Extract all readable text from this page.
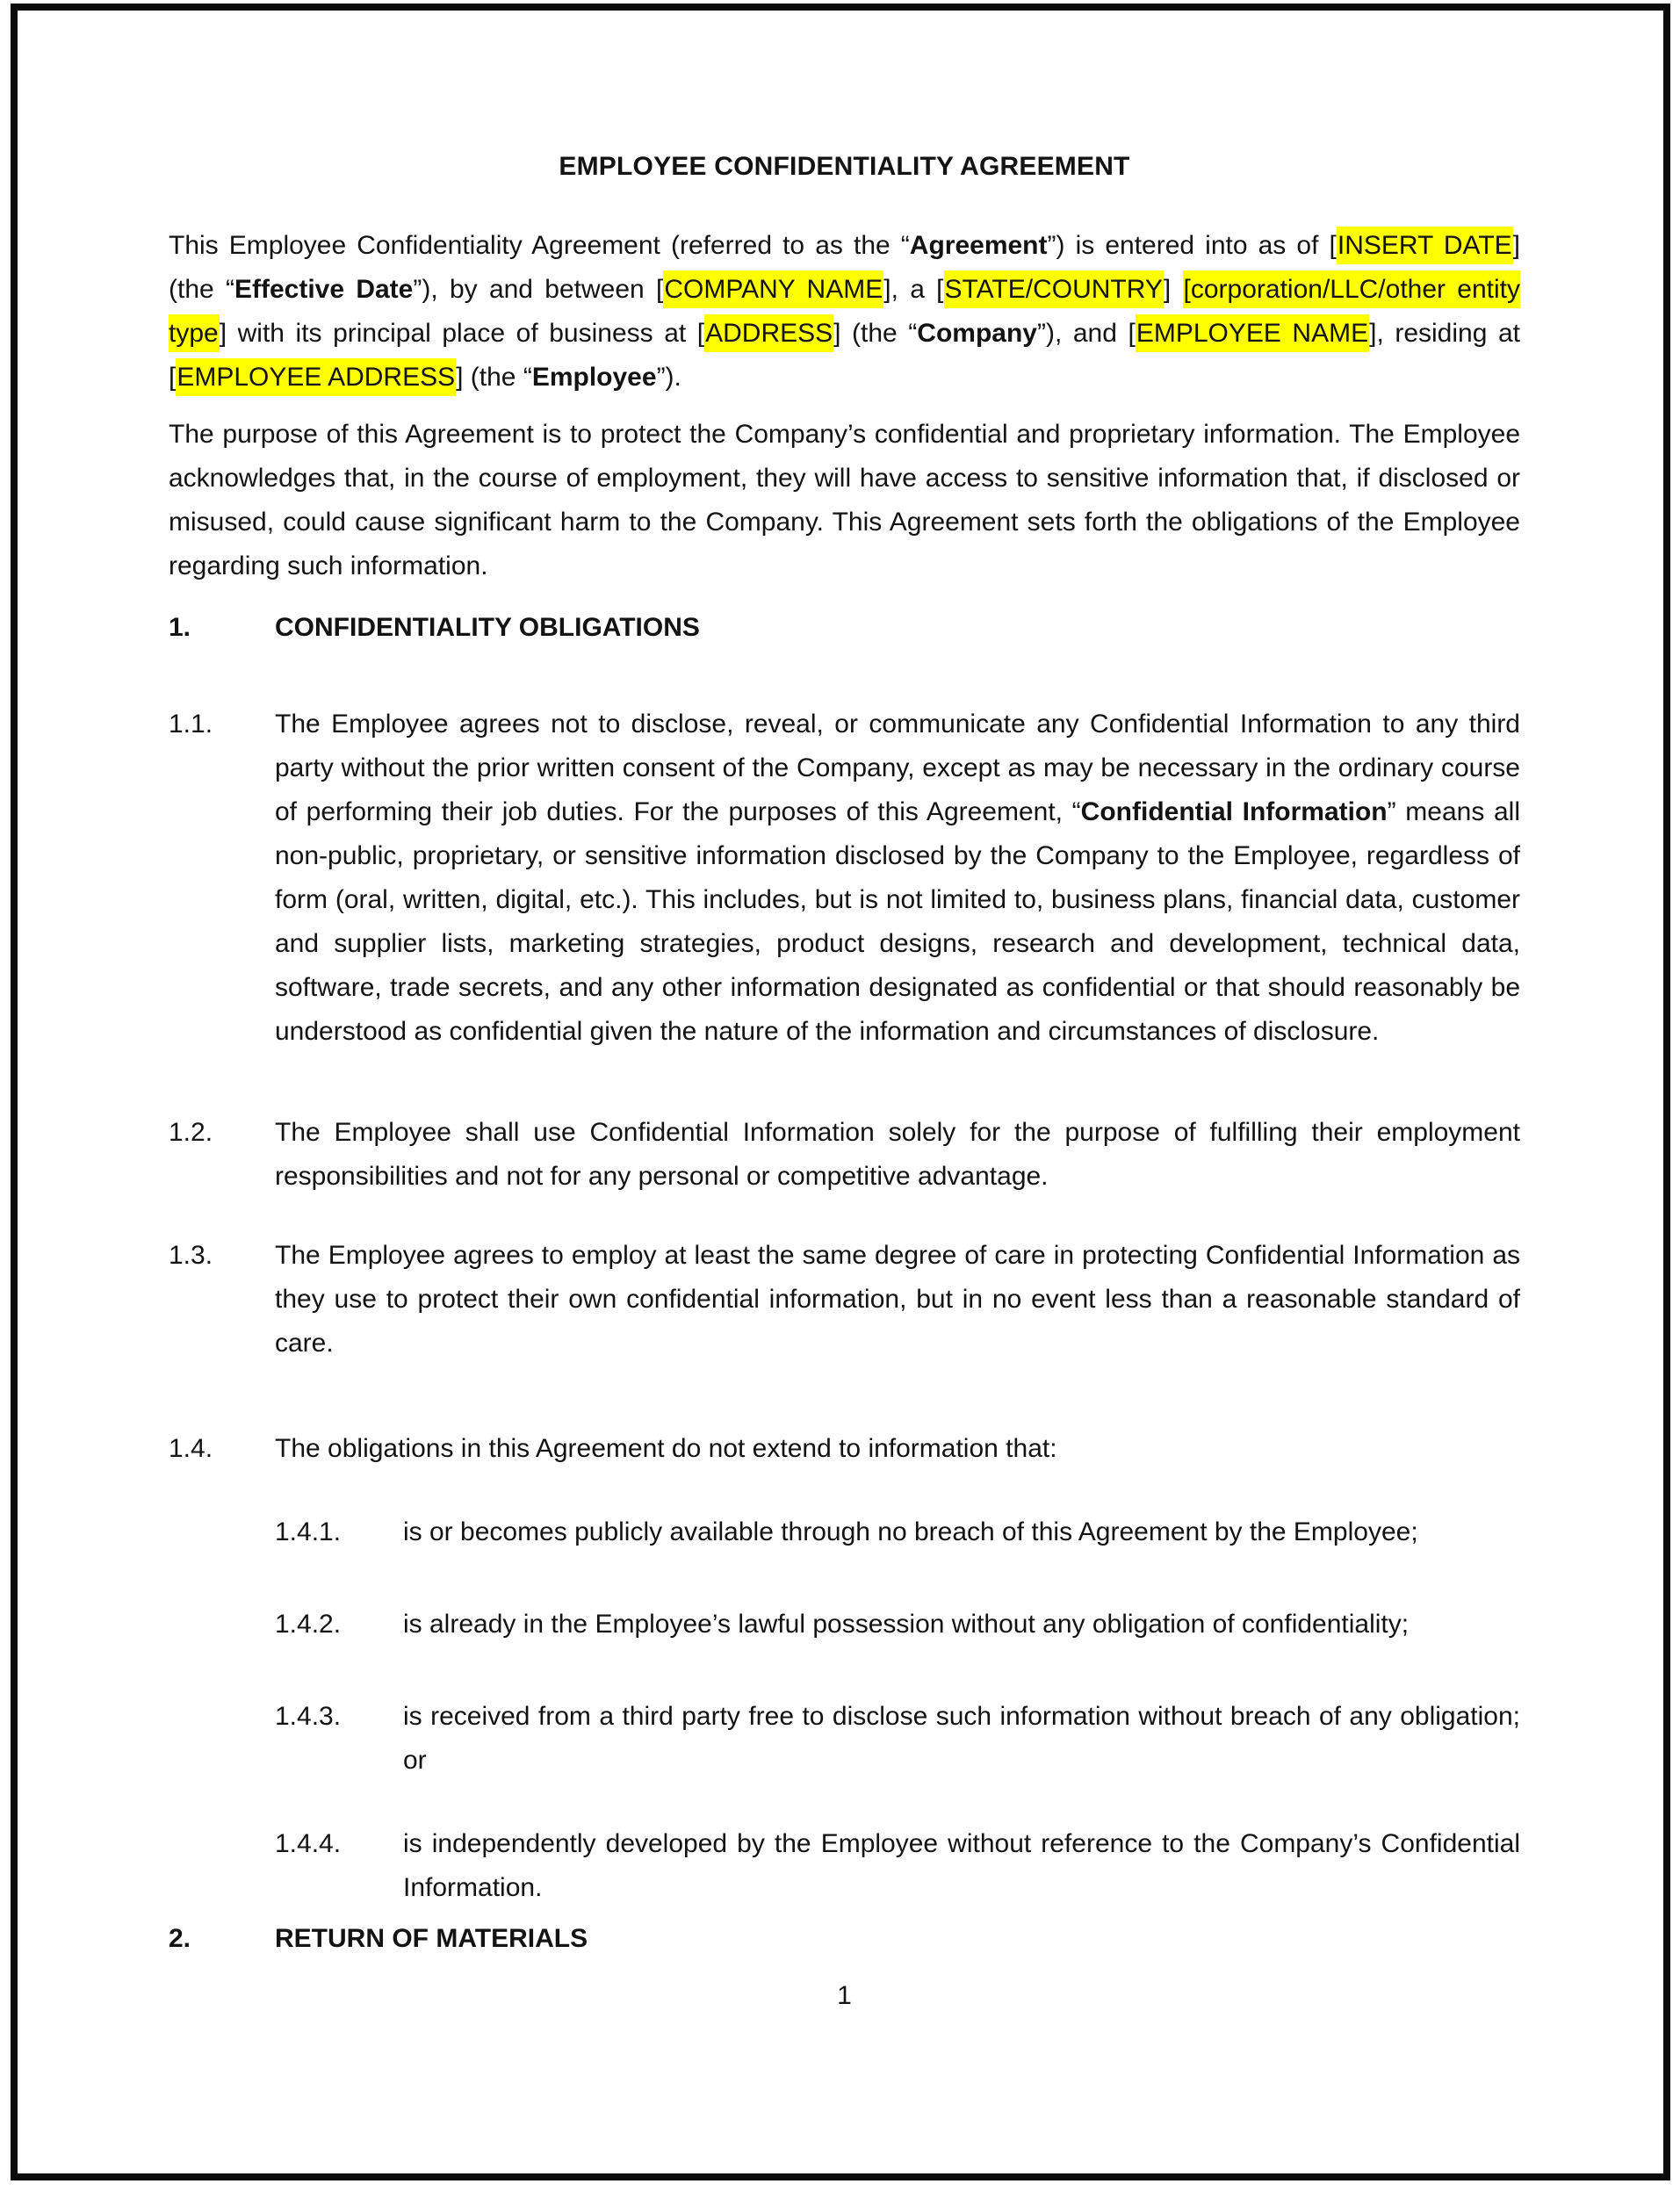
EMPLOYEE CONFIDENTIALITY AGREEMENT
This Employee Confidentiality Agreement (referred to as the “Agreement”) is entered into as of [INSERT DATE] (the “Effective Date”), by and between [COMPANY NAME], a [STATE/COUNTRY] [corporation/LLC/other entity type] with its principal place of business at [ADDRESS] (the “Company”), and [EMPLOYEE NAME], residing at [EMPLOYEE ADDRESS] (the “Employee”).
The purpose of this Agreement is to protect the Company’s confidential and proprietary information. The Employee acknowledges that, in the course of employment, they will have access to sensitive information that, if disclosed or misused, could cause significant harm to the Company. This Agreement sets forth the obligations of the Employee regarding such information.
1.	CONFIDENTIALITY OBLIGATIONS
1.1.	The Employee agrees not to disclose, reveal, or communicate any Confidential Information to any third party without the prior written consent of the Company, except as may be necessary in the ordinary course of performing their job duties. For the purposes of this Agreement, “Confidential Information” means all non-public, proprietary, or sensitive information disclosed by the Company to the Employee, regardless of form (oral, written, digital, etc.). This includes, but is not limited to, business plans, financial data, customer and supplier lists, marketing strategies, product designs, research and development, technical data, software, trade secrets, and any other information designated as confidential or that should reasonably be understood as confidential given the nature of the information and circumstances of disclosure.
1.2.	The Employee shall use Confidential Information solely for the purpose of fulfilling their employment responsibilities and not for any personal or competitive advantage.
1.3.	The Employee agrees to employ at least the same degree of care in protecting Confidential Information as they use to protect their own confidential information, but in no event less than a reasonable standard of care.
1.4.	The obligations in this Agreement do not extend to information that:
1.4.1.	is or becomes publicly available through no breach of this Agreement by the Employee;
1.4.2.	is already in the Employee’s lawful possession without any obligation of confidentiality;
1.4.3.	is received from a third party free to disclose such information without breach of any obligation; or
1.4.4.	is independently developed by the Employee without reference to the Company’s Confidential Information.
2.	RETURN OF MATERIALS
1
